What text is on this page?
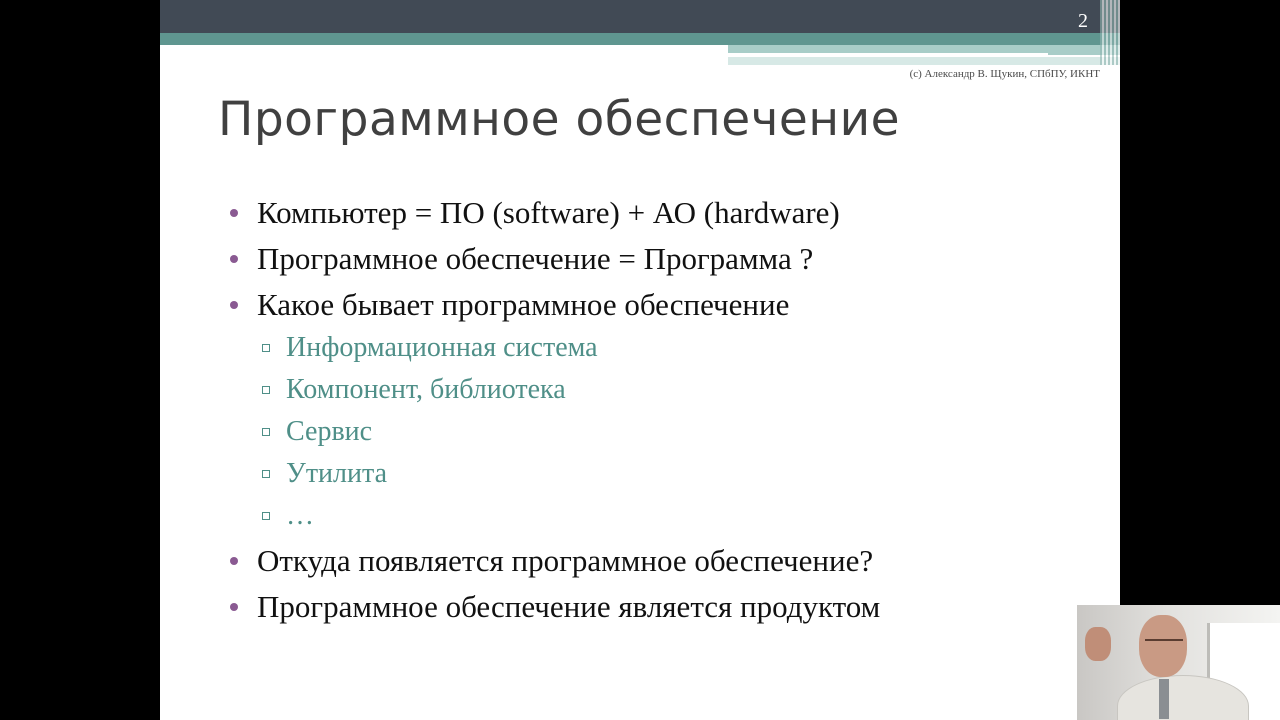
2
(c) Александр В. Щукин, СПбПУ, ИКНТ
Программное обеспечение
Компьютер = ПО (software) + АО (hardware)
Программное обеспечение = Программа ?
Какое бывает программное обеспечение
Информационная система
Компонент, библиотека
Сервис
Утилита
…
Откуда появляется программное обеспечение?
Программное обеспечение является продуктом
